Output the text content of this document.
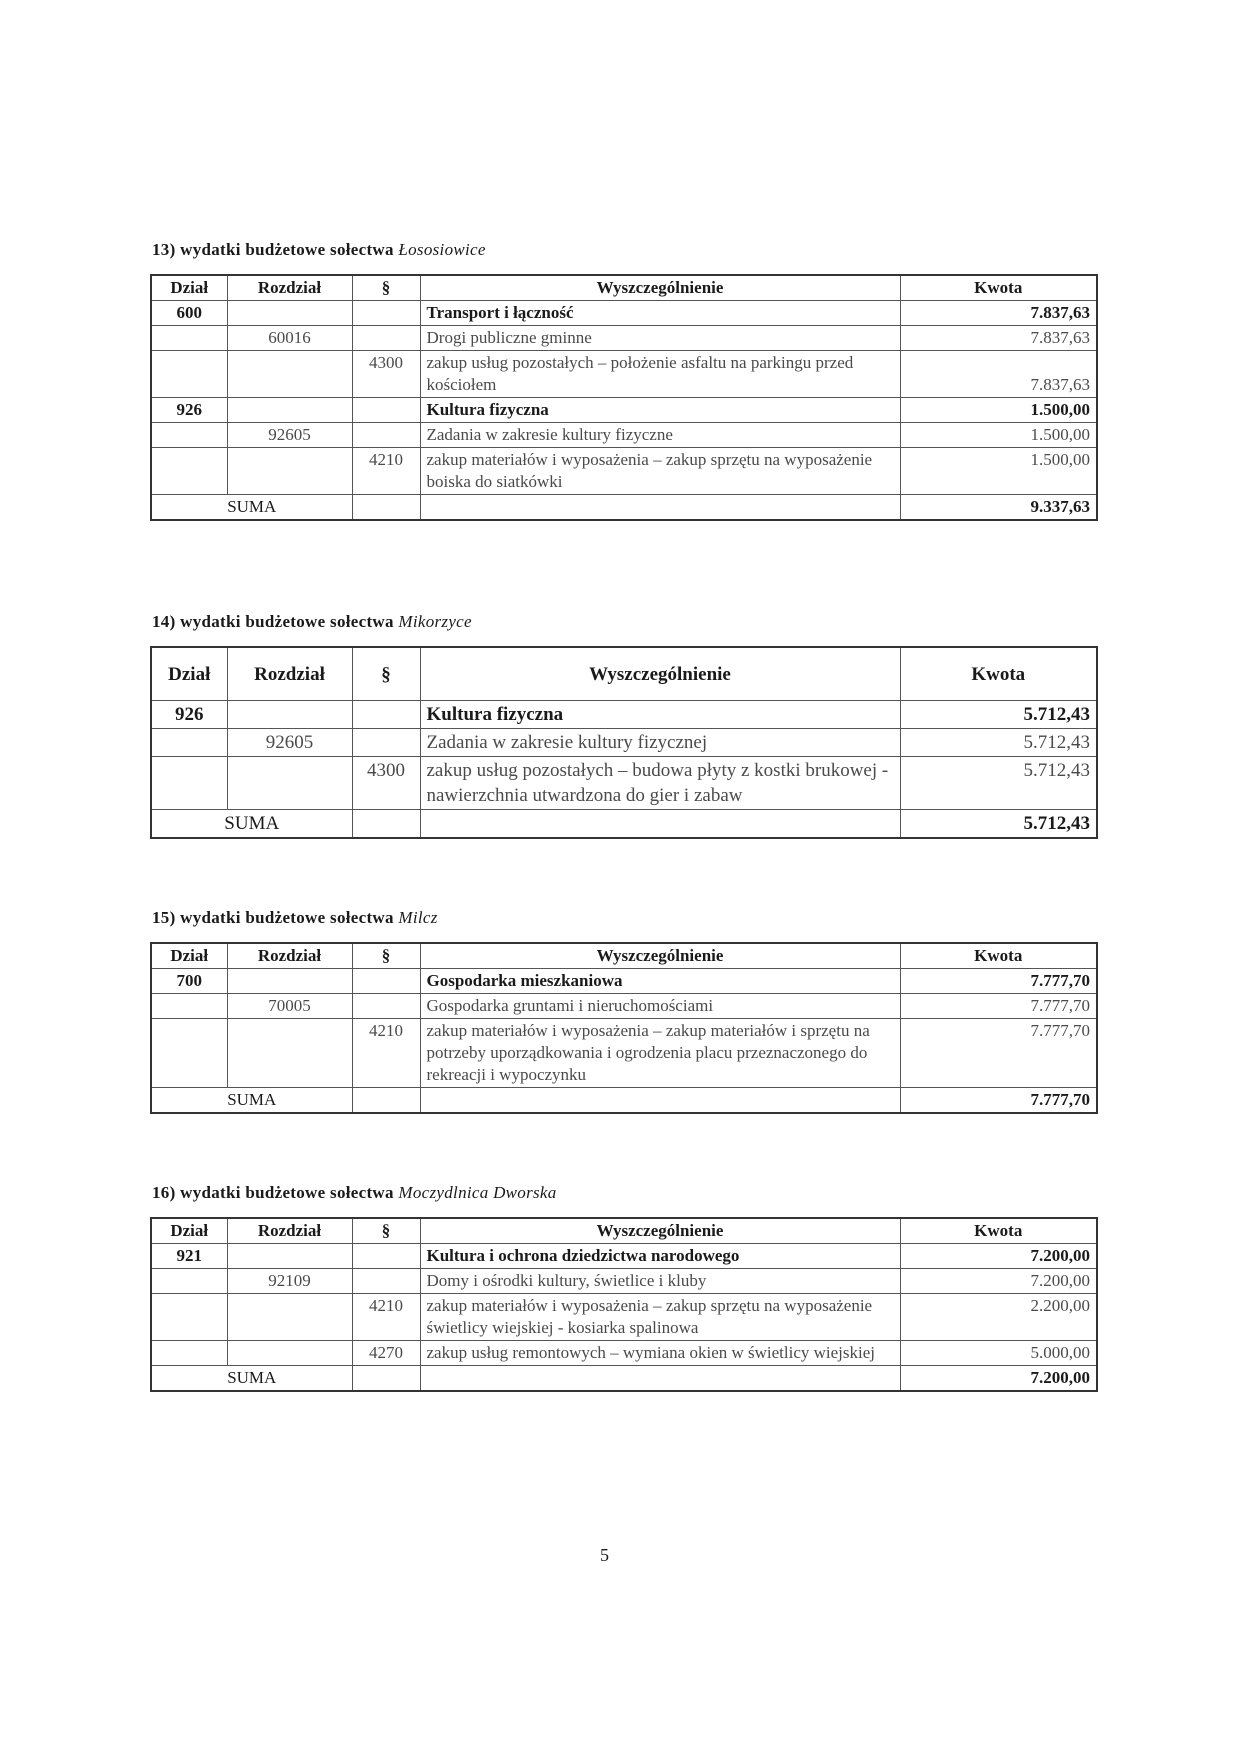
13) wydatki budżetowe sołectwa Łososiowice
Dział	Rozdział	§	Wyszczególnienie	Kwota
600			Transport i łączność	7.837,63
	60016		Drogi publiczne gminne	7.837,63
		4300	zakup usług pozostałych – położenie asfaltu na parkingu przed kościołem	7.837,63
926			Kultura fizyczna	1.500,00
	92605		Zadania w zakresie kultury fizyczne	1.500,00
		4210	zakup materiałów i wyposażenia – zakup sprzętu na wyposażenie boiska do siatkówki	1.500,00
SUMA				9.337,63
14) wydatki budżetowe sołectwa Mikorzyce
Dział	Rozdział	§	Wyszczególnienie	Kwota
926			Kultura fizyczna	5.712,43
	92605		Zadania w zakresie kultury fizycznej	5.712,43
		4300	zakup usług pozostałych – budowa płyty z kostki brukowej - nawierzchnia utwardzona do gier i zabaw	5.712,43
SUMA				5.712,43
15) wydatki budżetowe sołectwa Milcz
Dział	Rozdział	§	Wyszczególnienie	Kwota
700			Gospodarka mieszkaniowa	7.777,70
	70005		Gospodarka gruntami i nieruchomościami	7.777,70
		4210	zakup materiałów i wyposażenia – zakup materiałów i sprzętu na potrzeby uporządkowania i ogrodzenia placu przeznaczonego do rekreacji i wypoczynku	7.777,70
SUMA				7.777,70
16) wydatki budżetowe sołectwa Moczydlnica Dworska
Dział	Rozdział	§	Wyszczególnienie	Kwota
921			Kultura i ochrona dziedzictwa narodowego	7.200,00
	92109		Domy i ośrodki kultury, świetlice i kluby	7.200,00
		4210	zakup materiałów i wyposażenia – zakup sprzętu na wyposażenie świetlicy wiejskiej - kosiarka spalinowa	2.200,00
		4270	zakup usług remontowych – wymiana okien w świetlicy wiejskiej	5.000,00
SUMA				7.200,00
5
